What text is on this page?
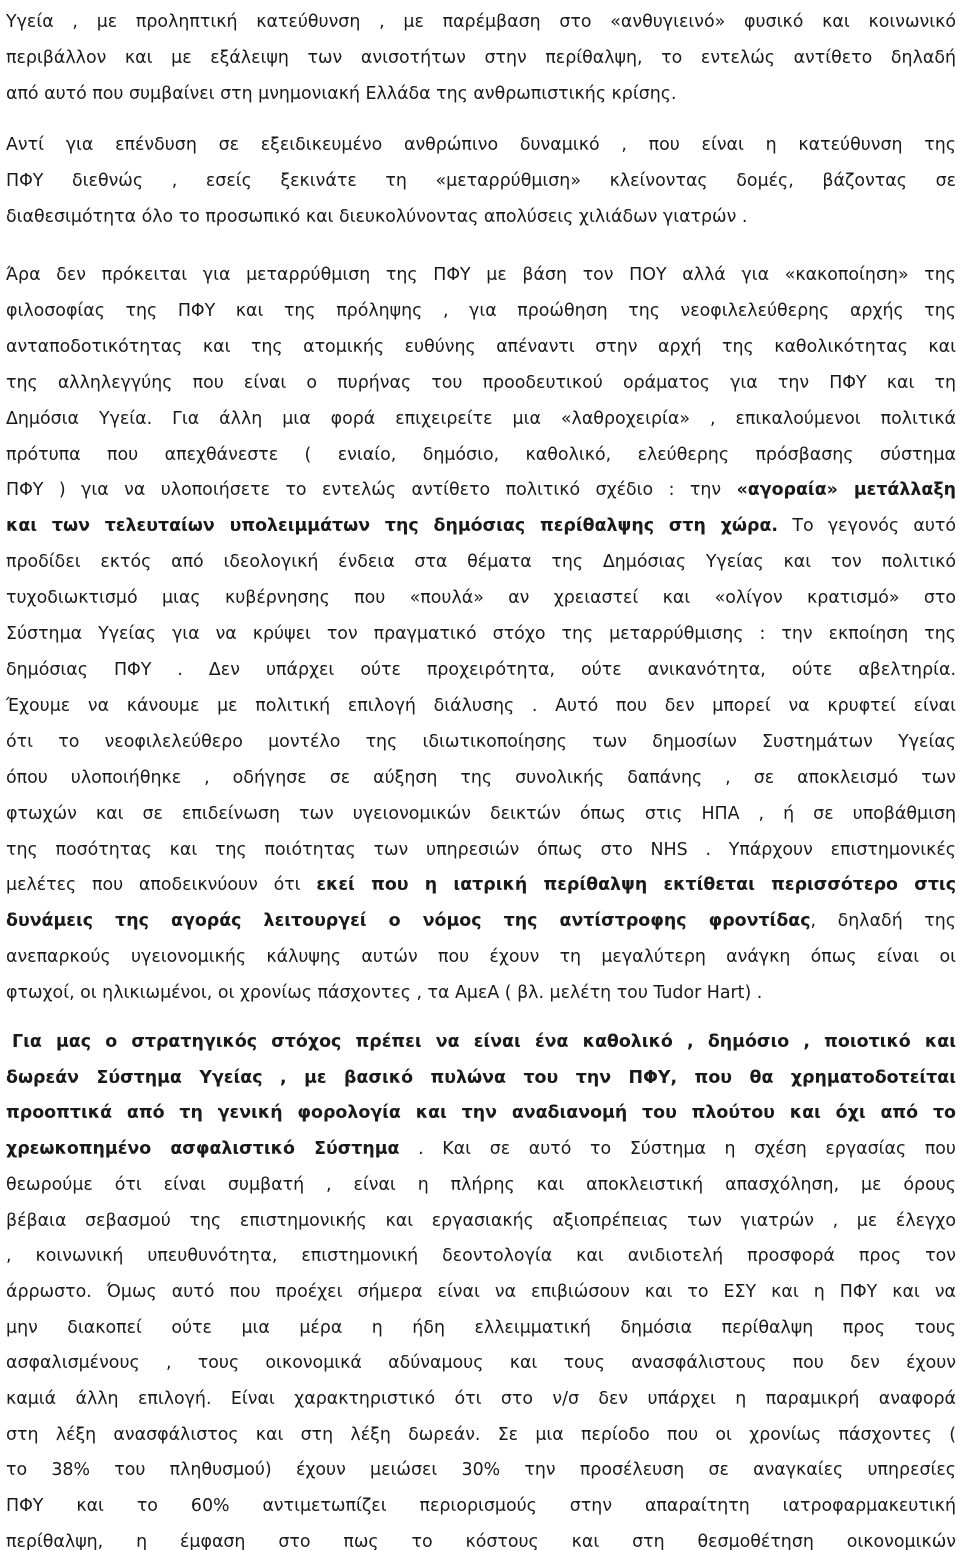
Υγεία , με προληπτική κατεύθυνση , με παρέμβαση στο «ανθυγιεινό» φυσικό και κοινωνικό
περιβάλλον και με εξάλειψη των ανισοτήτων στην περίθαλψη, το εντελώς αντίθετο δηλαδή
από αυτό που συμβαίνει στη μνημονιακή Ελλάδα της ανθρωπιστικής κρίσης.

Αντί για επένδυση σε εξειδικευμένο ανθρώπινο δυναμικό , που είναι η κατεύθυνση της
ΠΦΥ διεθνώς , εσείς ξεκινάτε τη «μεταρρύθμιση» κλείνοντας δομές, βάζοντας σε
διαθεσιμότητα όλο το προσωπικό και διευκολύνοντας απολύσεις χιλιάδων γιατρών .

Άρα δεν πρόκειται για μεταρρύθμιση της ΠΦΥ με βάση τον ΠΟΥ αλλά για «κακοποίηση» της
φιλοσοφίας της ΠΦΥ και της πρόληψης , για προώθηση της νεοφιλελεύθερης αρχής της
ανταποδοτικότητας και της ατομικής ευθύνης απέναντι στην αρχή της καθολικότητας και
της αλληλεγγύης που είναι ο πυρήνας του προοδευτικού οράματος για την ΠΦΥ και τη
Δημόσια Υγεία. Για άλλη μια φορά επιχειρείτε μια «λαθροχειρία» , επικαλούμενοι πολιτικά
πρότυπα που απεχθάνεστε ( ενιαίο, δημόσιο, καθολικό, ελεύθερης πρόσβασης σύστημα
ΠΦΥ ) για να υλοποιήσετε το εντελώς αντίθετο πολιτικό σχέδιο : την «αγοραία» μετάλλαξη
και των τελευταίων υπολειμμάτων της δημόσιας περίθαλψης στη χώρα. Το γεγονός αυτό
προδίδει εκτός από ιδεολογική ένδεια στα θέματα της Δημόσιας Υγείας και τον πολιτικό
τυχοδιωκτισμό μιας κυβέρνησης που «πουλά» αν χρειαστεί και «ολίγον κρατισμό» στο
Σύστημα Υγείας για να κρύψει τον πραγματικό στόχο της μεταρρύθμισης : την εκποίηση της
δημόσιας ΠΦΥ . Δεν υπάρχει ούτε προχειρότητα, ούτε ανικανότητα, ούτε αβελτηρία.
Έχουμε να κάνουμε με πολιτική επιλογή διάλυσης . Αυτό που δεν μπορεί να κρυφτεί είναι
ότι το νεοφιλελεύθερο μοντέλο της ιδιωτικοποίησης των δημοσίων Συστημάτων Υγείας
όπου υλοποιήθηκε , οδήγησε σε αύξηση της συνολικής δαπάνης , σε αποκλεισμό των
φτωχών και σε επιδείνωση των υγειονομικών δεικτών όπως στις ΗΠΑ , ή σε υποβάθμιση
της ποσότητας και της ποιότητας των υπηρεσιών όπως στο NHS . Υπάρχουν επιστημονικές
μελέτες που αποδεικνύουν ότι εκεί που η ιατρική περίθαλψη εκτίθεται περισσότερο στις
δυνάμεις της αγοράς λειτουργεί ο νόμος της αντίστροφης φροντίδας, δηλαδή της
ανεπαρκούς υγειονομικής κάλυψης αυτών που έχουν τη μεγαλύτερη ανάγκη όπως είναι οι
φτωχοί, οι ηλικιωμένοι, οι χρονίως πάσχοντες , τα ΑμεΑ ( βλ. μελέτη του Tudor Hart) .

Για μας ο στρατηγικός στόχος πρέπει να είναι ένα καθολικό , δημόσιο , ποιοτικό και
δωρεάν Σύστημα Υγείας , με βασικό πυλώνα του την ΠΦΥ, που θα χρηματοδοτείται
προοπτικά από τη γενική φορολογία και την αναδιανομή του πλούτου και όχι από το
χρεωκοπημένο ασφαλιστικό Σύστημα . Και σε αυτό το Σύστημα η σχέση εργασίας που
θεωρούμε ότι είναι συμβατή , είναι η πλήρης και αποκλειστική απασχόληση, με όρους
βέβαια σεβασμού της επιστημονικής και εργασιακής αξιοπρέπειας των γιατρών , με έλεγχο
, κοινωνική υπευθυνότητα, επιστημονική δεοντολογία και ανιδιοτελή προσφορά προς τον
άρρωστο. Όμως αυτό που προέχει σήμερα είναι να επιβιώσουν και το ΕΣΥ και η ΠΦΥ και να
μην διακοπεί ούτε μια μέρα η ήδη ελλειμματική δημόσια περίθαλψη προς τους
ασφαλισμένους , τους οικονομικά αδύναμους και τους ανασφάλιστους που δεν έχουν
καμιά άλλη επιλογή. Είναι χαρακτηριστικό ότι στο ν/σ δεν υπάρχει η παραμικρή αναφορά
στη λέξη ανασφάλιστος και στη λέξη δωρεάν. Σε μια περίοδο που οι χρονίως πάσχοντες (
το 38% του πληθυσμού) έχουν μειώσει 30% την προσέλευση σε αναγκαίες υπηρεσίες
ΠΦΥ και το 60% αντιμετωπίζει περιορισμούς στην απαραίτητη ιατροφαρμακευτική
περίθαλψη, η έμφαση στο πως το κόστους και στη θεσμοθέτηση οικονομικών
